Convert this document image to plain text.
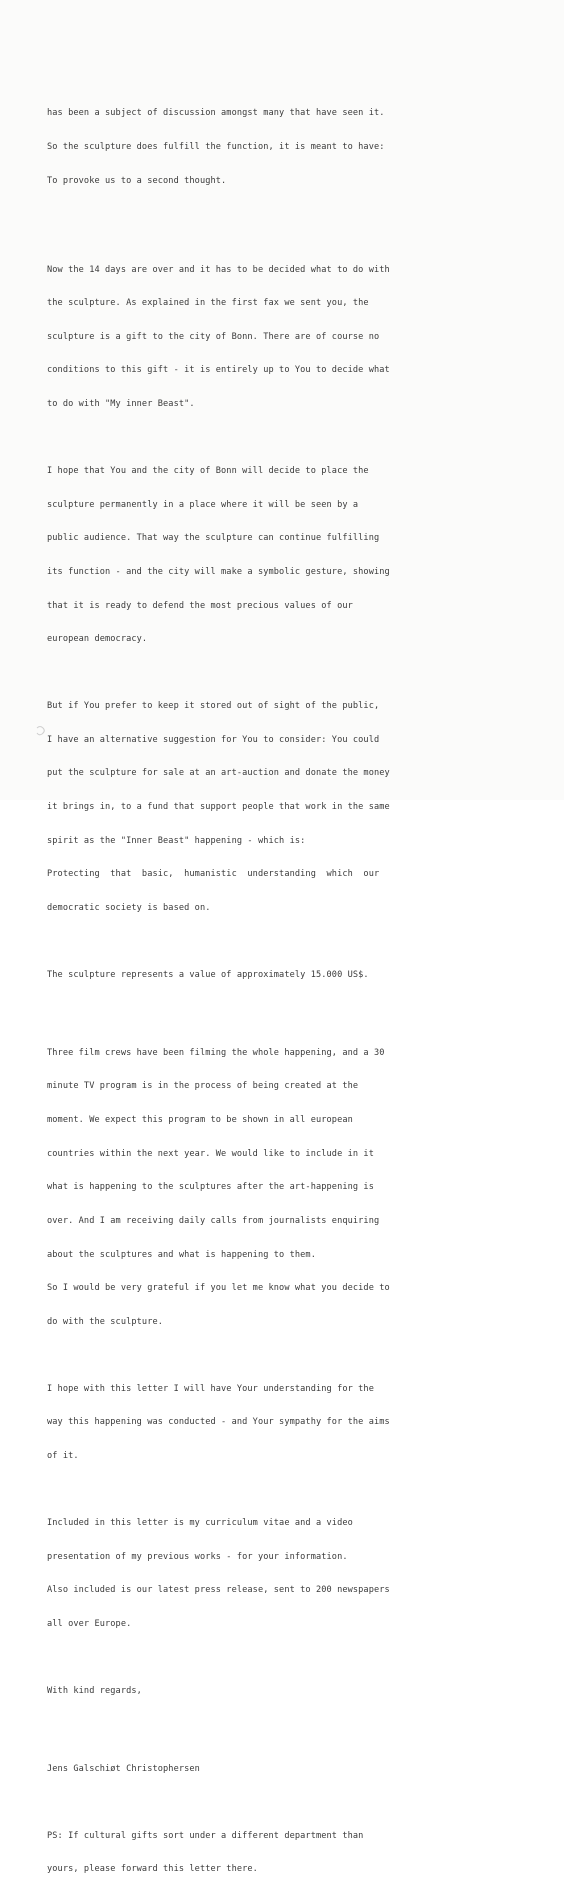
has been a subject of discussion amongst many that have seen it.

So the sculpture does fulfill the function, it is meant to have:

To provoke us to a second thought.

Now the 14 days are over and it has to be decided what to do with

the sculpture. As explained in the first fax we sent you, the

sculpture is a gift to the city of Bonn. There are of course no

conditions to this gift - it is entirely up to You to decide what

to do with "My inner Beast".

I hope that You and the city of Bonn will decide to place the

sculpture permanently in a place where it will be seen by a

public audience. That way the sculpture can continue fulfilling

its function - and the city will make a symbolic gesture, showing

that it is ready to defend the most precious values of our

european democracy.

But if You prefer to keep it stored out of sight of the public,

I have an alternative suggestion for You to consider: You could

put the sculpture for sale at an art-auction and donate the money

it brings in, to a fund that support people that work in the same

spirit as the "Inner Beast" happening - which is:

Protecting  that  basic,  humanistic  understanding  which  our

democratic society is based on.

The sculpture represents a value of approximately 15.000 US$.

Three film crews have been filming the whole happening, and a 30

minute TV program is in the process of being created at the

moment. We expect this program to be shown in all european

countries within the next year. We would like to include in it

what is happening to the sculptures after the art-happening is

over. And I am receiving daily calls from journalists enquiring

about the sculptures and what is happening to them.

So I would be very grateful if you let me know what you decide to

do with the sculpture.

I hope with this letter I will have Your understanding for the

way this happening was conducted - and Your sympathy for the aims

of it.

Included in this letter is my curriculum vitae and a video

presentation of my previous works - for your information.

Also included is our latest press release, sent to 200 newspapers

all over Europe.

With kind regards,

Jens Galschiøt Christophersen

PS: If cultural gifts sort under a different department than

yours, please forward this letter there.
